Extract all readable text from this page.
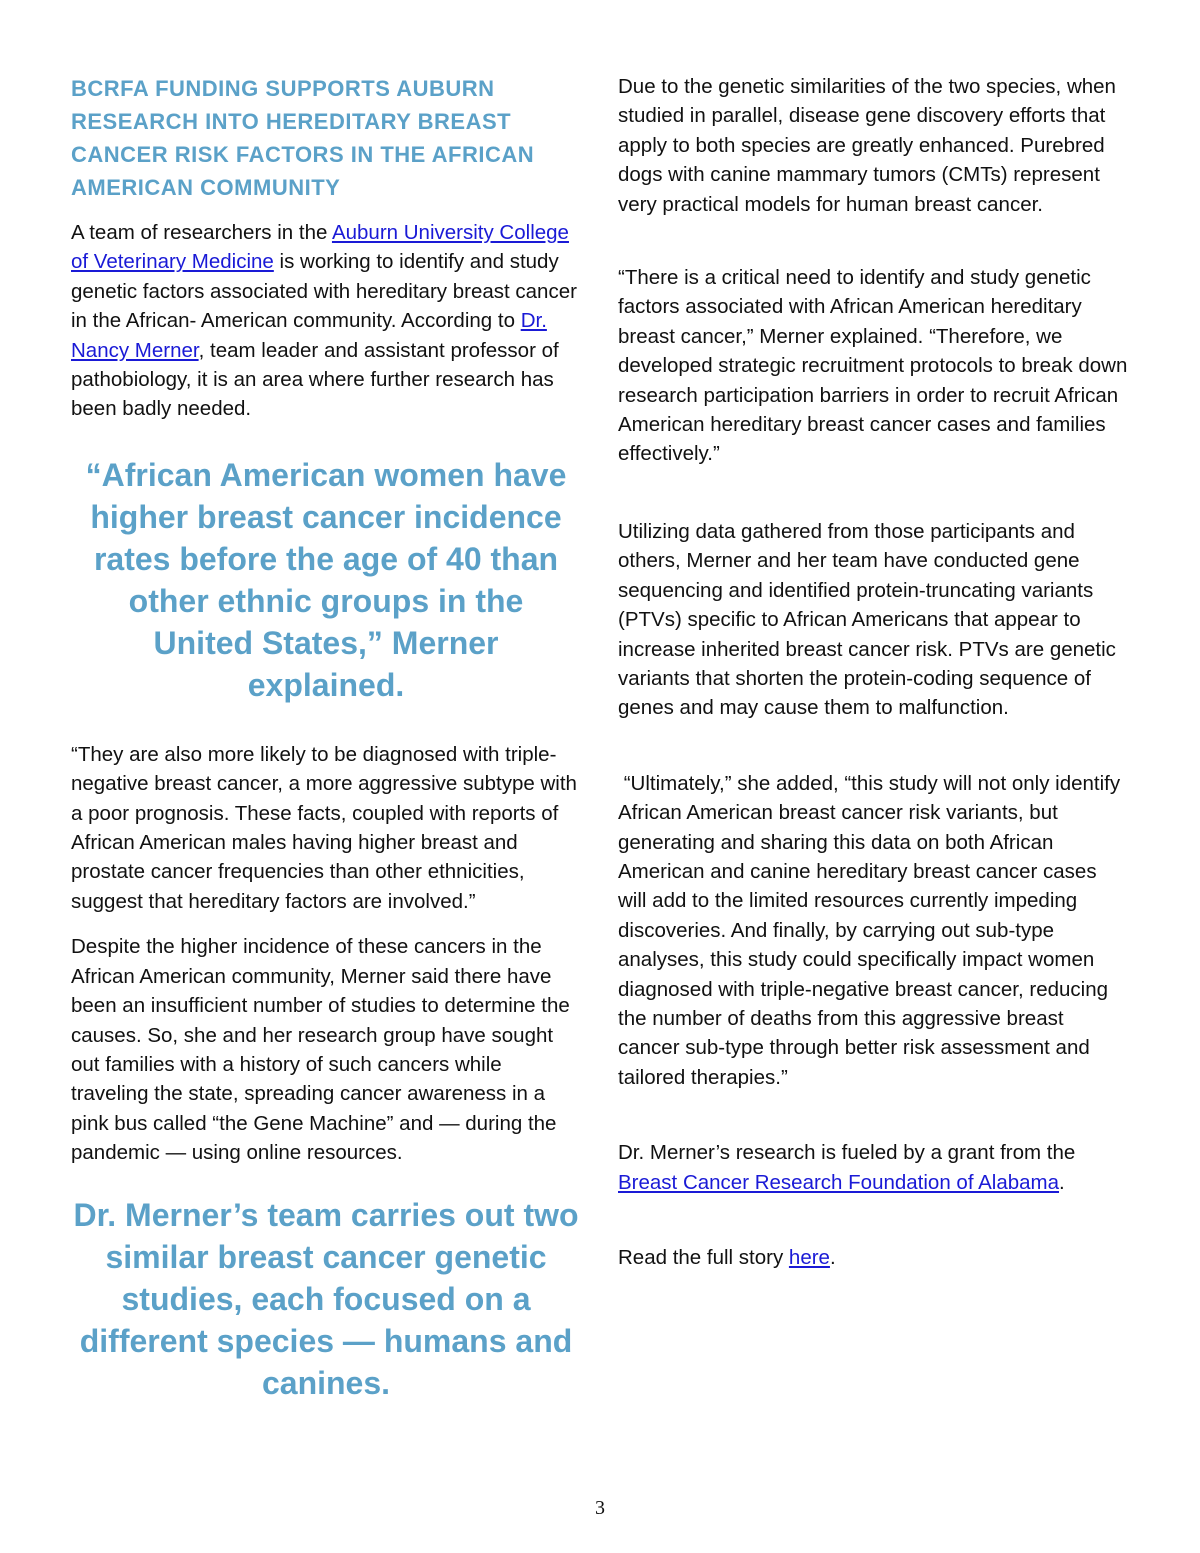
BCRFA FUNDING SUPPORTS AUBURN RESEARCH INTO HEREDITARY BREAST CANCER RISK FACTORS IN THE AFRICAN AMERICAN COMMUNITY

A team of researchers in the Auburn University College of Veterinary Medicine is working to identify and study genetic factors associated with hereditary breast cancer in the African- American community. According to Dr. Nancy Merner, team leader and assistant professor of pathobiology, it is an area where further research has been badly needed.

“African American women have higher breast cancer incidence rates before the age of 40 than other ethnic groups in the United States,” Merner explained.

“They are also more likely to be diagnosed with triple-negative breast cancer, a more aggressive subtype with a poor prognosis. These facts, coupled with reports of African American males having higher breast and prostate cancer frequencies than other ethnicities, suggest that hereditary factors are involved.”

Despite the higher incidence of these cancers in the African American community, Merner said there have been an insufficient number of studies to determine the causes. So, she and her research group have sought out families with a history of such cancers while traveling the state, spreading cancer awareness in a pink bus called “the Gene Machine” and — during the pandemic — using online resources.

Dr. Merner’s team carries out two similar breast cancer genetic studies, each focused on a different species — humans and canines.

Due to the genetic similarities of the two species, when studied in parallel, disease gene discovery efforts that apply to both species are greatly enhanced. Purebred dogs with canine mammary tumors (CMTs) represent very practical models for human breast cancer.

“There is a critical need to identify and study genetic factors associated with African American hereditary breast cancer,” Merner explained. “Therefore, we developed strategic recruitment protocols to break down research participation barriers in order to recruit African American hereditary breast cancer cases and families effectively.”

Utilizing data gathered from those participants and others, Merner and her team have conducted gene sequencing and identified protein-truncating variants (PTVs) specific to African Americans that appear to increase inherited breast cancer risk. PTVs are genetic variants that shorten the protein-coding sequence of genes and may cause them to malfunction.

“Ultimately,” she added, “this study will not only identify African American breast cancer risk variants, but generating and sharing this data on both African American and canine hereditary breast cancer cases will add to the limited resources currently impeding discoveries. And finally, by carrying out sub-type analyses, this study could specifically impact women diagnosed with triple-negative breast cancer, reducing the number of deaths from this aggressive breast cancer sub-type through better risk assessment and tailored therapies.”

Dr. Merner’s research is fueled by a grant from the Breast Cancer Research Foundation of Alabama.

Read the full story here.

3
